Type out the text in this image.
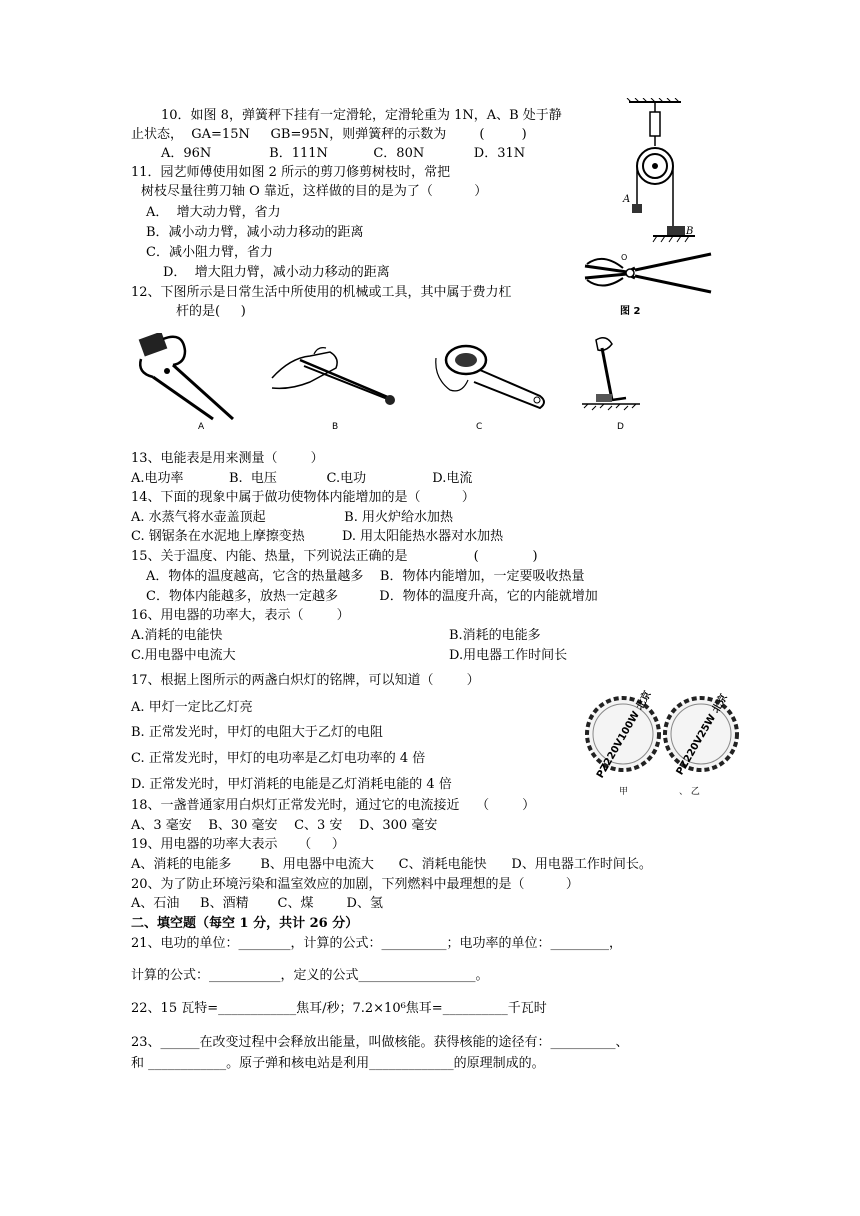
10．如图 8，弹簧秤下挂有一定滑轮，定滑轮重为 1N，A、B 处于静
止状态，  GA=15N     GB=95N，则弹簧秤的示数为        (         )
A．96N              B．111N           C．80N            D．31N
11．园艺师傅使用如图 2 所示的剪刀修剪树枝时，常把
树枝尽量往剪刀轴 O 靠近，这样做的目的是为了（          ）
A．  增大动力臂，省力
B．减小动力臂，减小动力移动的距离
C．减小阻力臂，省力
D．  增大阻力臂，减小动力移动的距离
A
B
O
图 2
12、下图所示是日常生活中所使用的机械或工具，其中属于费力杠
杆的是(     )
A	B	C	D
13、电能表是用来测量（        ）
A.电功率           B.  电压            C.电功                D.电流
14、下面的现象中属于做功使物体内能增加的是（          ）
A. 水蒸气将水壶盖顶起                   B. 用火炉给水加热
C. 钢锯条在水泥地上摩擦变热         D. 用太阳能热水器对水加热
15、关于温度、内能、热量，下列说法正确的是                (             )
A．物体的温度越高，它含的热量越多    B．物体内能增加，一定要吸收热量
C．物体内能越多，放热一定越多          D．物体的温度升高，它的内能就增加
16、用电器的功率大，表示（        ）
A.消耗的电能快	B.消耗的电能多
C.用电器中电流大	D.用电器工作时间长
17、根据上图所示的两盏白炽灯的铭牌，可以知道（        ）
A. 甲灯一定比乙灯亮
B. 正常发光时，甲灯的电阻大于乙灯的电阻
C. 正常发光时，甲灯的电功率是乙灯电功率的 4 倍
D. 正常发光时，甲灯消耗的电能是乙灯消耗电能的 4 倍
PZ220V100W 北京 PZ220V25W 北京
甲	、 乙
18、一盏普通家用白炽灯正常发光时，通过它的电流接近    （        ）
A、3 毫安    B、30 毫安    C、3 安    D、300 毫安
19、用电器的功率大表示     （     ）
A、消耗的电能多       B、用电器中电流大      C、消耗电能快      D、用电器工作时间长。
20、为了防止环境污染和温室效应的加剧，下列燃料中最理想的是（          ）
A、石油     B、酒精       C、煤        D、氢
二、填空题（每空 1 分，共计 26 分）
21、电功的单位：________，计算的公式：__________；电功率的单位：_________，
计算的公式：___________，定义的公式__________________。
22、15 瓦特=____________焦耳/秒；7.2×10⁶焦耳=__________千瓦时
23、______在改变过程中会释放出能量，叫做核能。获得核能的途径有：__________、
和 ____________。原子弹和核电站是利用_____________的原理制成的。
